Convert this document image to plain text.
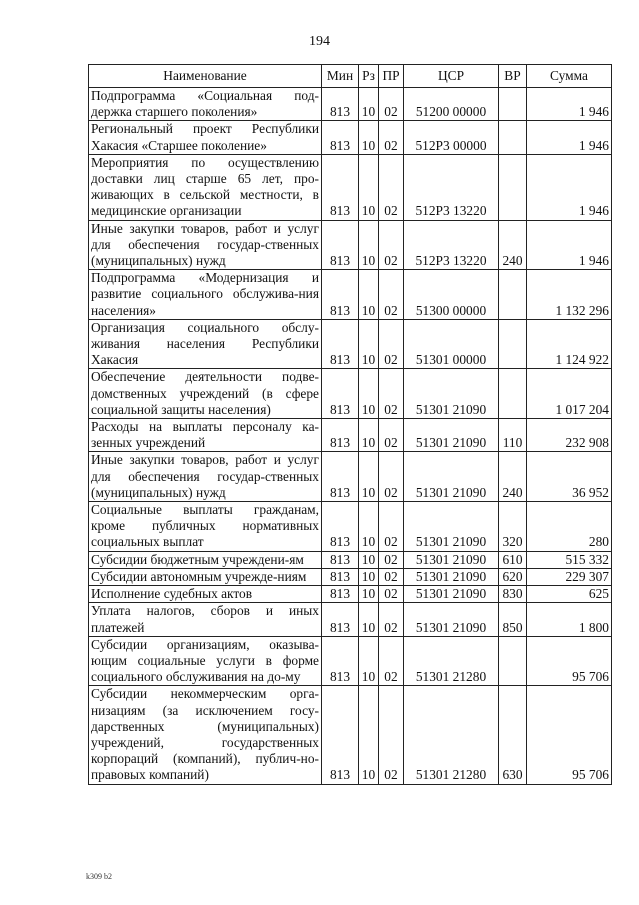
194
Наименование	Мин	Рз	ПР	ЦСР	ВР	Сумма
Подпрограмма «Социальная под-держка старшего поколения»	813	10	02	51200 00000		1 946
Региональный проект Республики Хакасия «Старшее поколение»	813	10	02	512Р3 00000		1 946
Мероприятия по осуществлению доставки лиц старше 65 лет, про-живающих в сельской местности, в медицинские организации	813	10	02	512Р3 13220		1 946
Иные закупки товаров, работ и услуг для обеспечения государ-ственных (муниципальных) нужд	813	10	02	512Р3 13220	240	1 946
Подпрограмма «Модернизация и развитие социального обслужива-ния населения»	813	10	02	51300 00000		1 132 296
Организация социального обслу-живания населения Республики Хакасия	813	10	02	51301 00000		1 124 922
Обеспечение деятельности подве-домственных учреждений (в сфере социальной защиты населения)	813	10	02	51301 21090		1 017 204
Расходы на выплаты персоналу ка-зенных учреждений	813	10	02	51301 21090	110	232 908
Иные закупки товаров, работ и услуг для обеспечения государ-ственных (муниципальных) нужд	813	10	02	51301 21090	240	36 952
Социальные выплаты гражданам, кроме публичных нормативных социальных выплат	813	10	02	51301 21090	320	280
Субсидии бюджетным учреждени-ям	813	10	02	51301 21090	610	515 332
Субсидии автономным учрежде-ниям	813	10	02	51301 21090	620	229 307
Исполнение судебных актов	813	10	02	51301 21090	830	625
Уплата налогов, сборов и иных платежей	813	10	02	51301 21090	850	1 800
Субсидии организациям, оказыва-ющим социальные услуги в форме социального обслуживания на до-му	813	10	02	51301 21280		95 706
Субсидии некоммерческим орга-низациям (за исключением госу-дарственных (муниципальных) учреждений, государственных корпораций (компаний), публич-но-правовых компаний)	813	10	02	51301 21280	630	95 706
k309 b2
